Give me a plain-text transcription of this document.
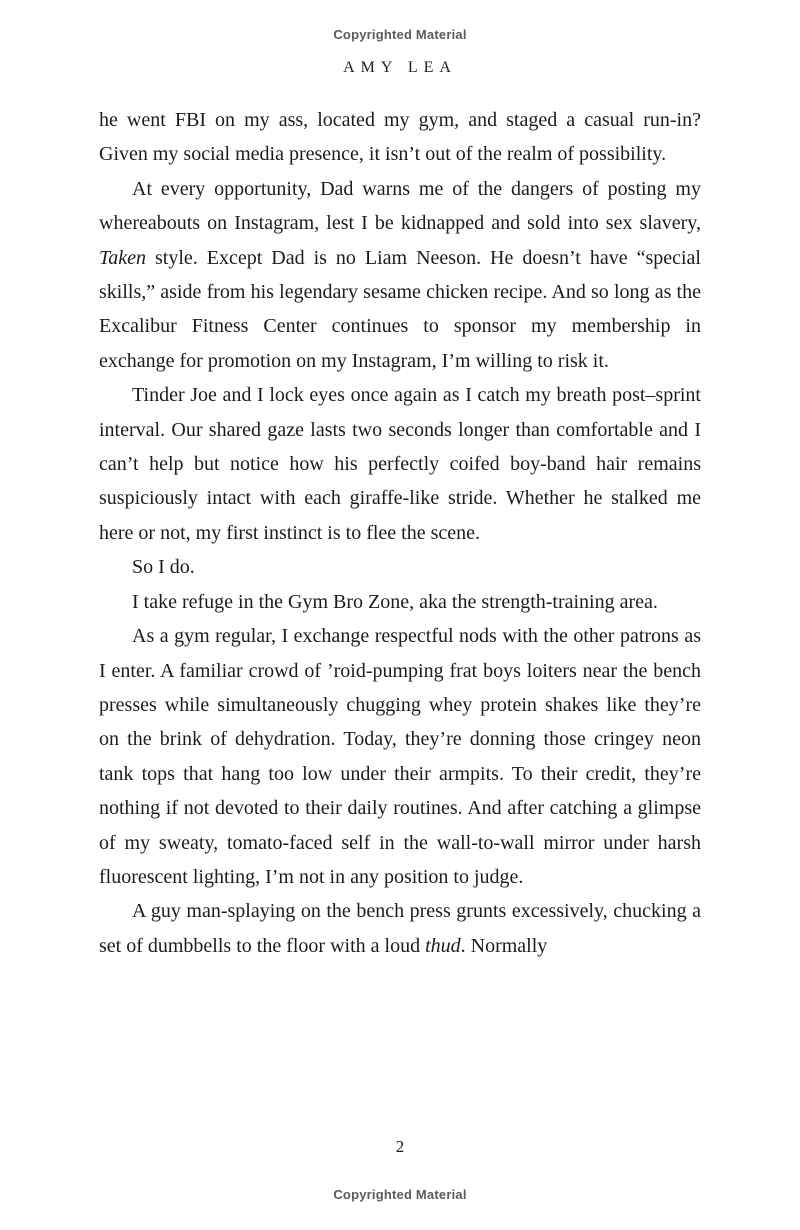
Copyrighted Material
AMY LEA

he went FBI on my ass, located my gym, and staged a casual run-in? Given my social media presence, it isn’t out of the realm of possibility.

At every opportunity, Dad warns me of the dangers of posting my whereabouts on Instagram, lest I be kidnapped and sold into sex slavery, Taken style. Except Dad is no Liam Neeson. He doesn’t have “special skills,” aside from his legendary sesame chicken recipe. And so long as the Excalibur Fitness Center continues to sponsor my membership in exchange for promotion on my Instagram, I’m willing to risk it.

Tinder Joe and I lock eyes once again as I catch my breath post–sprint interval. Our shared gaze lasts two seconds longer than comfortable and I can’t help but notice how his perfectly coifed boy-band hair remains suspiciously intact with each giraffe-like stride. Whether he stalked me here or not, my first instinct is to flee the scene.

So I do.

I take refuge in the Gym Bro Zone, aka the strength-training area.

As a gym regular, I exchange respectful nods with the other patrons as I enter. A familiar crowd of ’roid-pumping frat boys loiters near the bench presses while simultaneously chugging whey protein shakes like they’re on the brink of dehydration. Today, they’re donning those cringey neon tank tops that hang too low under their armpits. To their credit, they’re nothing if not devoted to their daily routines. And after catching a glimpse of my sweaty, tomato-faced self in the wall-to-wall mirror under harsh fluorescent lighting, I’m not in any position to judge.

A guy man-splaying on the bench press grunts excessively, chucking a set of dumbbells to the floor with a loud thud. Normally

2
Copyrighted Material
